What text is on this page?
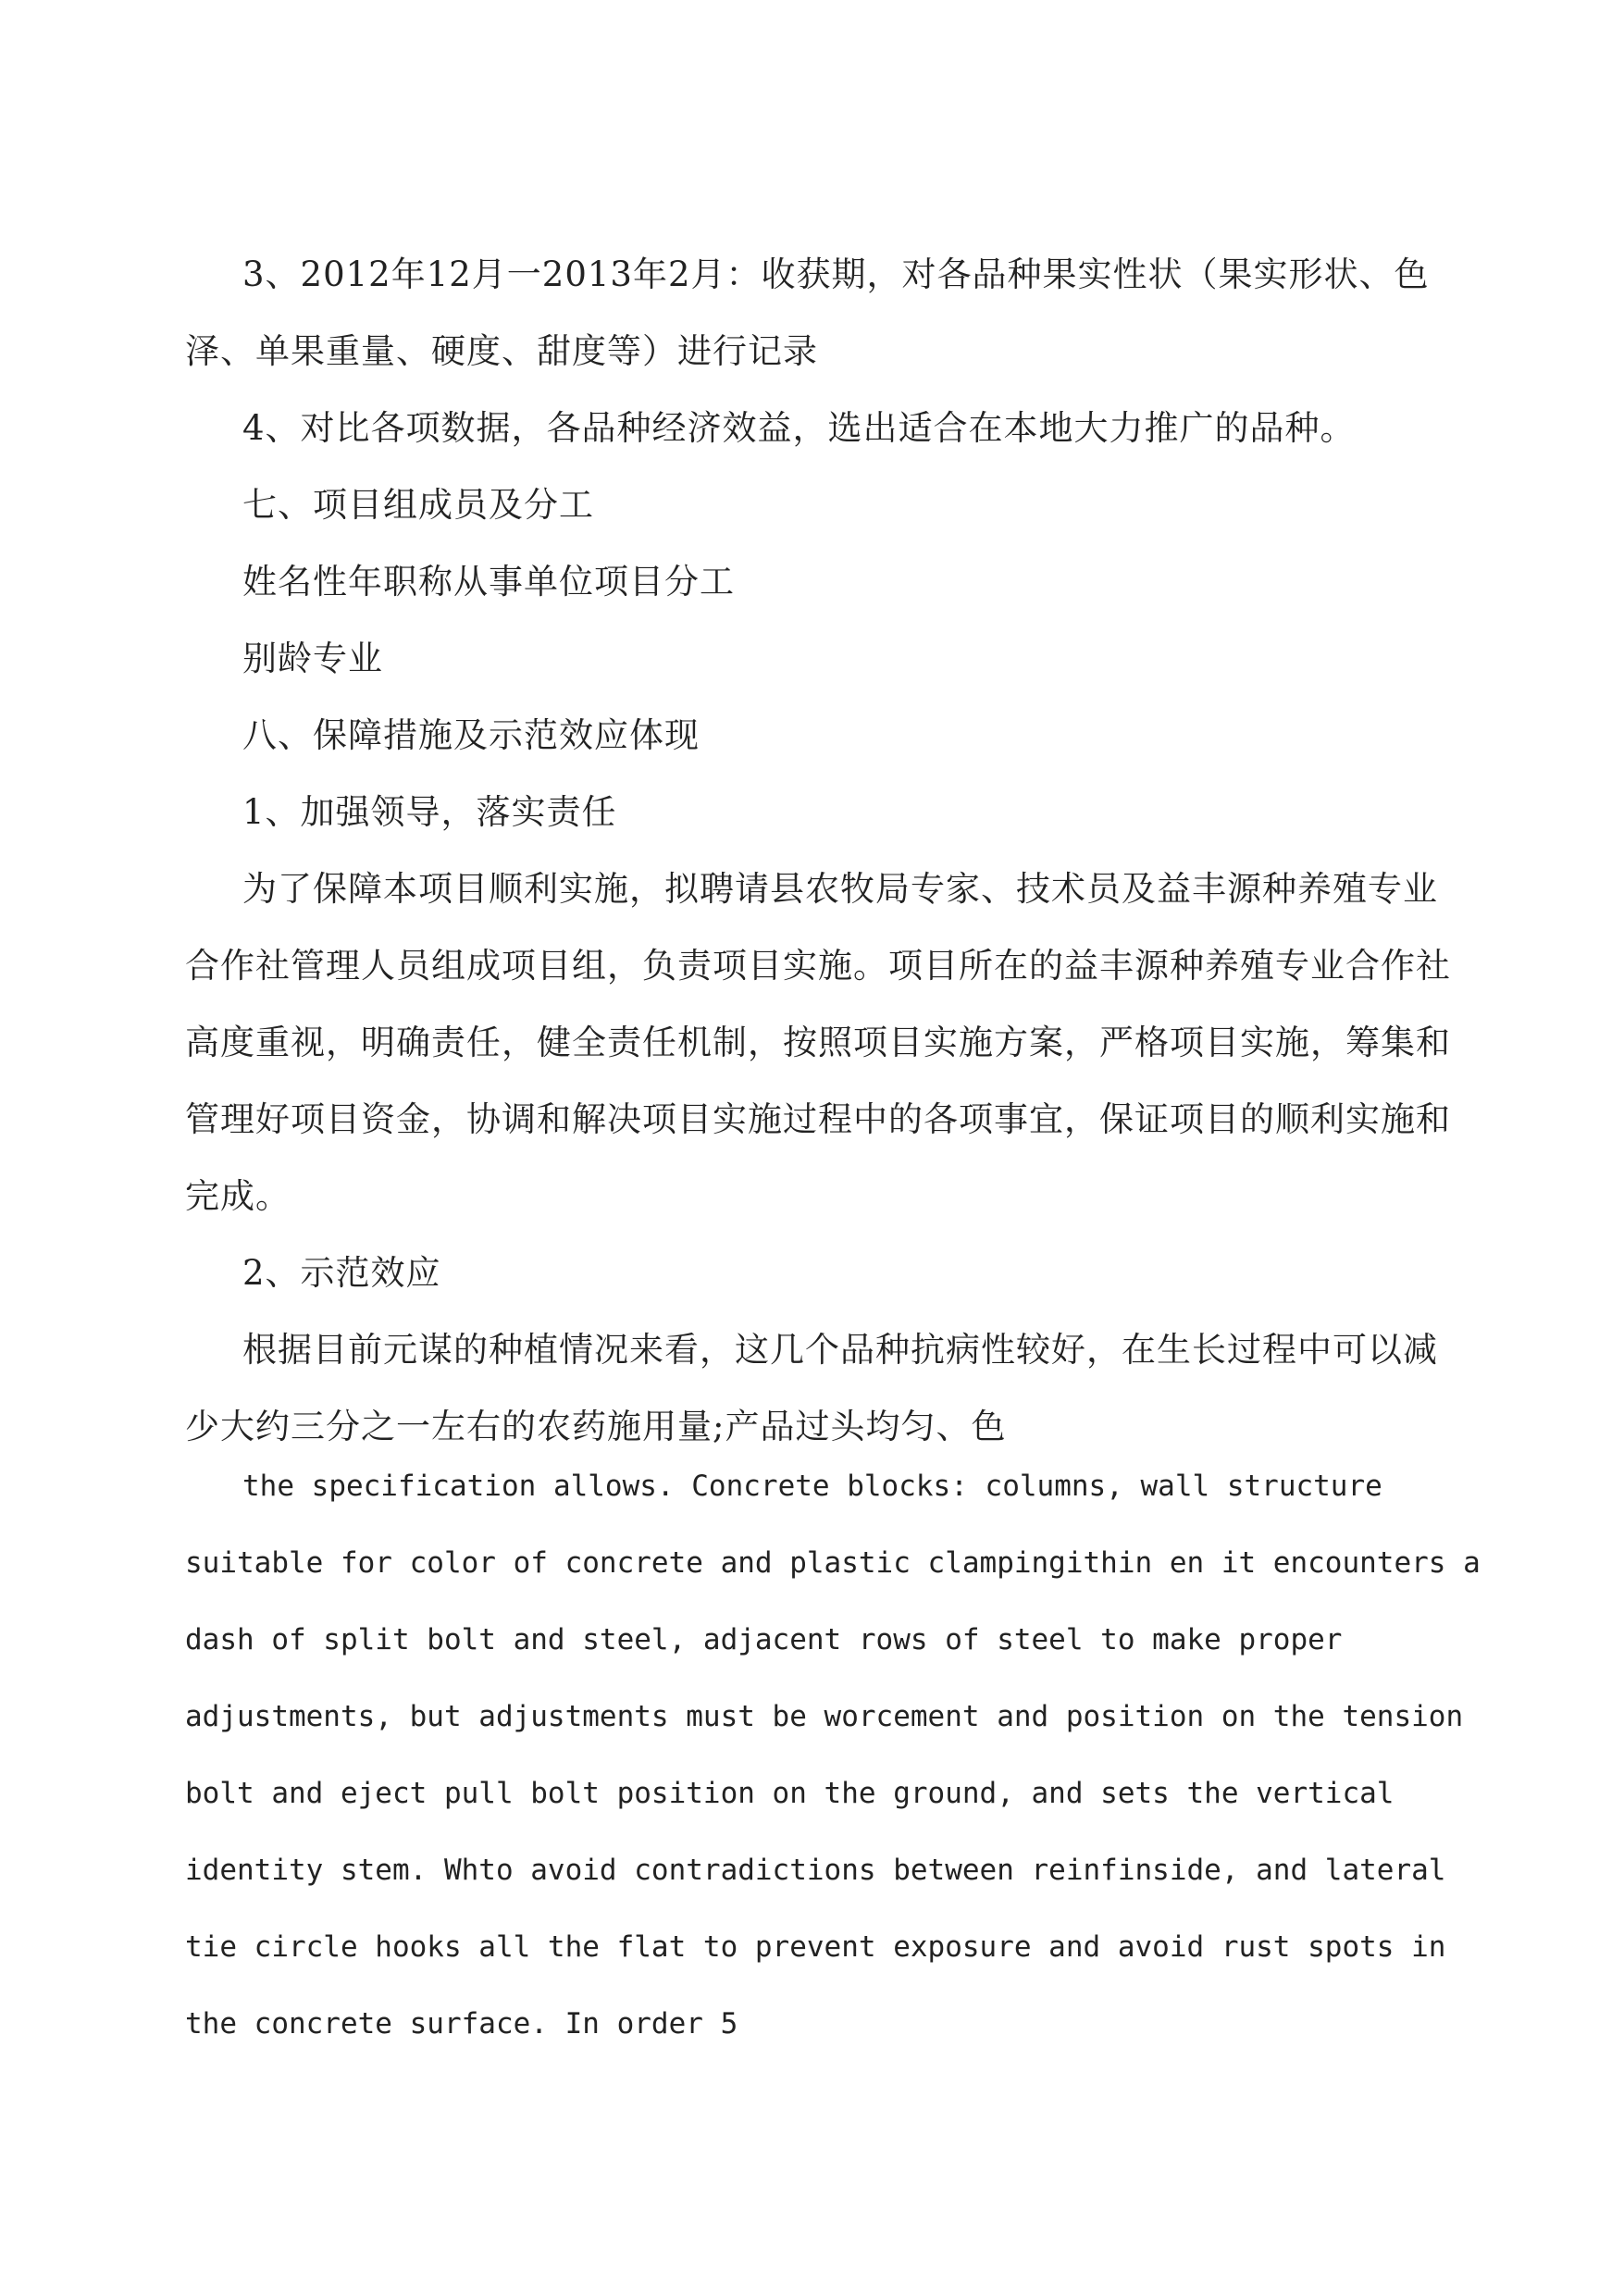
3、2012年12月一2013年2月：收获期，对各品种果实性状（果实形状、色

泽、单果重量、硬度、甜度等）进行记录

4、对比各项数据，各品种经济效益，选出适合在本地大力推广的品种。

七、项目组成员及分工

姓名性年职称从事单位项目分工

别龄专业

八、保障措施及示范效应体现

1、加强领导，落实责任

为了保障本项目顺利实施，拟聘请县农牧局专家、技术员及益丰源种养殖专业

合作社管理人员组成项目组，负责项目实施。项目所在的益丰源种养殖专业合作社

高度重视，明确责任，健全责任机制，按照项目实施方案，严格项目实施，筹集和

管理好项目资金，协调和解决项目实施过程中的各项事宜，保证项目的顺利实施和

完成。

2、示范效应

根据目前元谋的种植情况来看，这几个品种抗病性较好，在生长过程中可以减

少大约三分之一左右的农药施用量;产品过头均匀、色

the specification allows. Concrete blocks: columns, wall structure

suitable for color of concrete and plastic clampingithin en it encounters a

dash of split bolt and steel, adjacent rows of steel to make proper

adjustments, but adjustments must be worcement and position on the tension

bolt and eject pull bolt position on the ground, and sets the vertical

identity stem. Whto avoid contradictions between reinfinside, and lateral

tie circle hooks all the flat to prevent exposure and avoid rust spots in

the concrete surface. In order 5
